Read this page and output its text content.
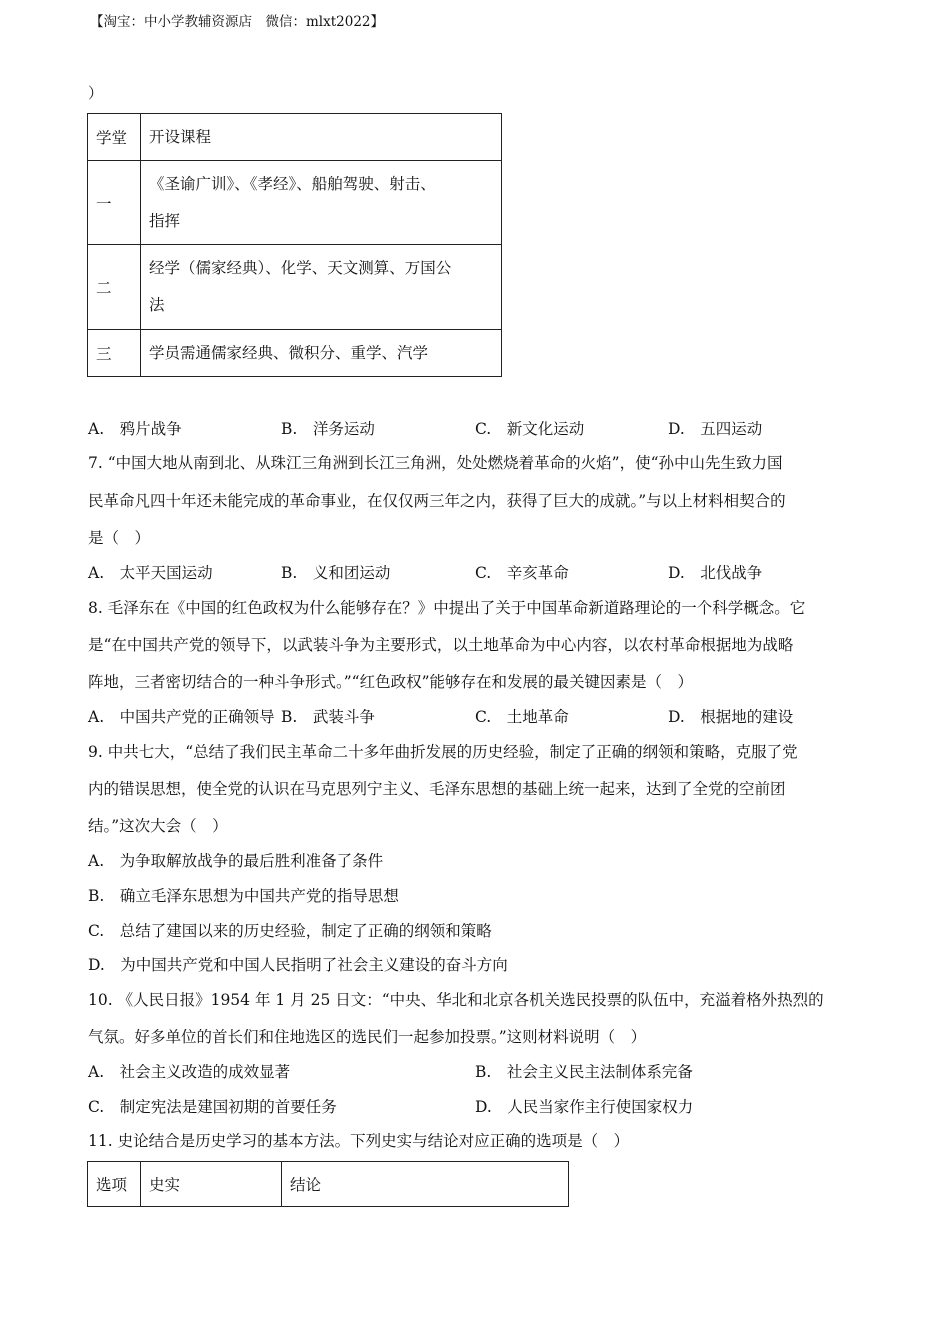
【淘宝：中小学教辅资源店　微信：mlxt2022】
）
学堂	开设课程
一	《圣谕广训》、《孝经》、船舶驾驶、射击、
指挥

二	经学（儒家经典）、化学、天文测算、万国公
法

三	学员需通儒家经典、微积分、重学、汽学
A.　鸦片战争	B.　洋务运动	C.　新文化运动	D.　五四运动
7. “中国大地从南到北、从珠江三角洲到长江三角洲，处处燃烧着革命的火焰”，使“孙中山先生致力国
民革命凡四十年还未能完成的革命事业，在仅仅两三年之内，获得了巨大的成就。”与以上材料相契合的
是（　）
A.　太平天国运动	B.　义和团运动	C.　辛亥革命	D.　北伐战争
8. 毛泽东在《中国的红色政权为什么能够存在？》中提出了关于中国革命新道路理论的一个科学概念。它
是“在中国共产党的领导下，以武装斗争为主要形式，以土地革命为中心内容，以农村革命根据地为战略
阵地，三者密切结合的一种斗争形式。”“红色政权”能够存在和发展的最关键因素是（　）
A.　中国共产党的正确领导 B.　武装斗争	C.　土地革命	D.　根据地的建设
9. 中共七大，“总结了我们民主革命二十多年曲折发展的历史经验，制定了正确的纲领和策略，克服了党
内的错误思想，使全党的认识在马克思列宁主义、毛泽东思想的基础上统一起来，达到了全党的空前团
结。”这次大会（　）
A.　为争取解放战争的最后胜利准备了条件
B.　确立毛泽东思想为中国共产党的指导思想
C.　总结了建国以来的历史经验，制定了正确的纲领和策略
D.　为中国共产党和中国人民指明了社会主义建设的奋斗方向
10. 《人民日报》1954 年 1 月 25 日文：“中央、华北和北京各机关选民投票的队伍中，充溢着格外热烈的
气氛。好多单位的首长们和住地选区的选民们一起参加投票。”这则材料说明（　）
A.　社会主义改造的成效显著	B.　社会主义民主法制体系完备
C.　制定宪法是建国初期的首要任务	D.　人民当家作主行使国家权力
11. 史论结合是历史学习的基本方法。下列史实与结论对应正确的选项是（　）
选项	史实	结论
